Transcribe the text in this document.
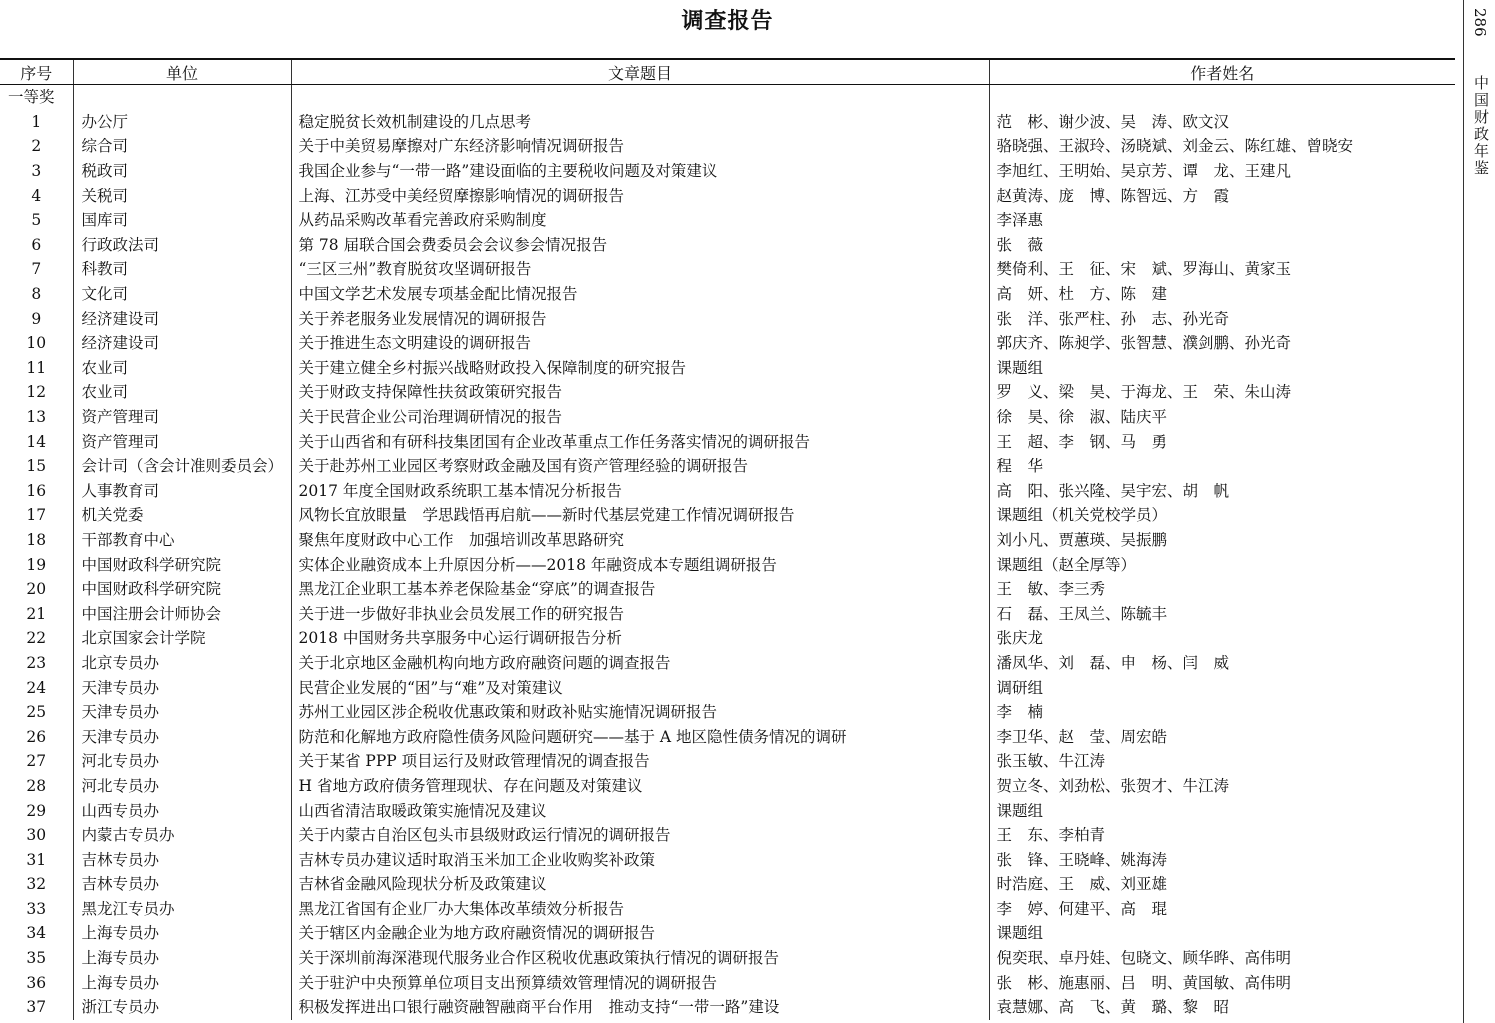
调查报告	286
中国财政年鉴
序号	单位	文章题目	作者姓名
一等奖			
1	办公厅	稳定脱贫长效机制建设的几点思考	范　彬、谢少波、吴　涛、欧文汉
2	综合司	关于中美贸易摩擦对广东经济影响情况调研报告	骆晓强、王淑玲、汤晓斌、刘金云、陈红雄、曾晓安
3	税政司	我国企业参与“一带一路”建设面临的主要税收问题及对策建议	李旭红、王明始、吴京芳、谭　龙、王建凡
4	关税司	上海、江苏受中美经贸摩擦影响情况的调研报告	赵黄涛、庞　博、陈智远、方　霞
5	国库司	从药品采购改革看完善政府采购制度	李泽惠
6	行政政法司	第 78 届联合国会费委员会会议参会情况报告	张　薇
7	科教司	“三区三州”教育脱贫攻坚调研报告	樊倚利、王　征、宋　斌、罗海山、黄家玉
8	文化司	中国文学艺术发展专项基金配比情况报告	高　妍、杜　方、陈　建
9	经济建设司	关于养老服务业发展情况的调研报告	张　洋、张严柱、孙　志、孙光奇
10	经济建设司	关于推进生态文明建设的调研报告	郭庆齐、陈昶学、张智慧、濮剑鹏、孙光奇
11	农业司	关于建立健全乡村振兴战略财政投入保障制度的研究报告	课题组
12	农业司	关于财政支持保障性扶贫政策研究报告	罗　义、梁　昊、于海龙、王　荣、朱山涛
13	资产管理司	关于民营企业公司治理调研情况的报告	徐　昊、徐　淑、陆庆平
14	资产管理司	关于山西省和有研科技集团国有企业改革重点工作任务落实情况的调研报告	王　超、李　钢、马　勇
15	会计司（含会计准则委员会）	关于赴苏州工业园区考察财政金融及国有资产管理经验的调研报告	程　华
16	人事教育司	2017 年度全国财政系统职工基本情况分析报告	高　阳、张兴隆、吴宇宏、胡　帆
17	机关党委	风物长宜放眼量　学思践悟再启航——新时代基层党建工作情况调研报告	课题组（机关党校学员）
18	干部教育中心	聚焦年度财政中心工作　加强培训改革思路研究	刘小凡、贾蕙瑛、吴振鹏
19	中国财政科学研究院	实体企业融资成本上升原因分析——2018 年融资成本专题组调研报告	课题组（赵全厚等）
20	中国财政科学研究院	黑龙江企业职工基本养老保险基金“穿底”的调查报告	王　敏、李三秀
21	中国注册会计师协会	关于进一步做好非执业会员发展工作的研究报告	石　磊、王凤兰、陈毓丰
22	北京国家会计学院	2018 中国财务共享服务中心运行调研报告分析	张庆龙
23	北京专员办	关于北京地区金融机构向地方政府融资问题的调查报告	潘凤华、刘　磊、申　杨、闫　威
24	天津专员办	民营企业发展的“困”与“难”及对策建议	调研组
25	天津专员办	苏州工业园区涉企税收优惠政策和财政补贴实施情况调研报告	李　楠
26	天津专员办	防范和化解地方政府隐性债务风险问题研究——基于 A 地区隐性债务情况的调研	李卫华、赵　莹、周宏皓
27	河北专员办	关于某省 PPP 项目运行及财政管理情况的调查报告	张玉敏、牛江涛
28	河北专员办	H 省地方政府债务管理现状、存在问题及对策建议	贺立冬、刘劲松、张贺才、牛江涛
29	山西专员办	山西省清洁取暖政策实施情况及建议	课题组
30	内蒙古专员办	关于内蒙古自治区包头市县级财政运行情况的调研报告	王　东、李柏青
31	吉林专员办	吉林专员办建议适时取消玉米加工企业收购奖补政策	张　锋、王晓峰、姚海涛
32	吉林专员办	吉林省金融风险现状分析及政策建议	时浩庭、王　威、刘亚雄
33	黑龙江专员办	黑龙江省国有企业厂办大集体改革绩效分析报告	李　婷、何建平、高　琨
34	上海专员办	关于辖区内金融企业为地方政府融资情况的调研报告	课题组
35	上海专员办	关于深圳前海深港现代服务业合作区税收优惠政策执行情况的调研报告	倪奕珉、卓丹娃、包晓文、顾华晔、高伟明
36	上海专员办	关于驻沪中央预算单位项目支出预算绩效管理情况的调研报告	张　彬、施惠丽、吕　明、黄国敏、高伟明
37	浙江专员办	积极发挥进出口银行融资融智融商平台作用　推动支持“一带一路”建设	袁慧娜、高　飞、黄　璐、黎　昭
